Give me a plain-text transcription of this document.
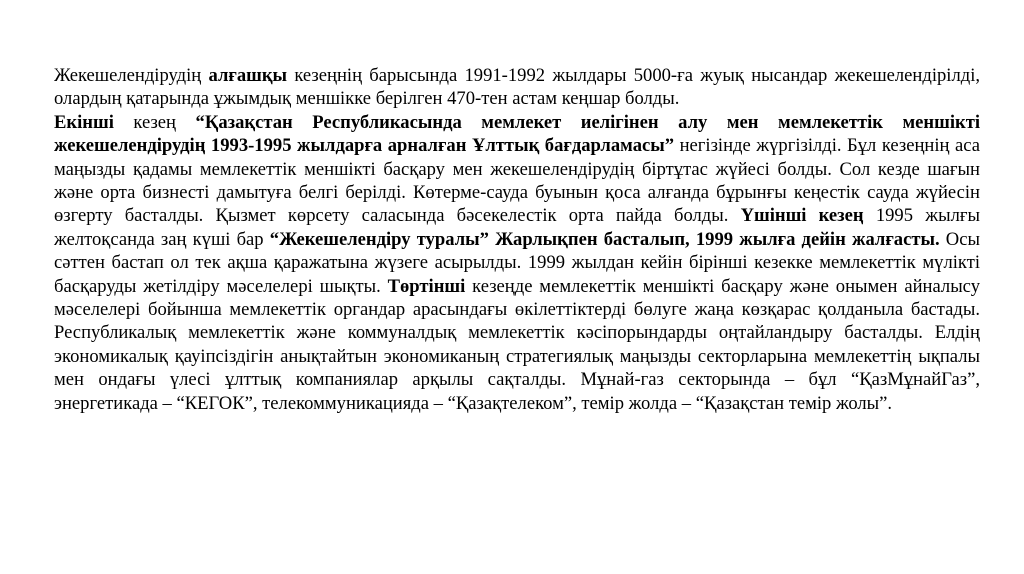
Жекешелендірудің алғашқы кезеңнің барысында 1991-1992 жылдары 5000-ға жуық нысандар жекешелендірілді, олардың қатарында ұжымдық меншікке берілген 470-тен астам кеңшар болды.

Екінші кезең “Қазақстан Республикасында мемлекет иелігінен алу мен мемлекеттік меншікті жекешелендірудің 1993-1995 жылдарға арналған Ұлттық бағдарламасы” негізінде жүргізілді. Бұл кезеңнің аса маңызды қадамы мемлекеттік меншікті басқару мен жекешелендірудің біртұтас жүйесі болды. Сол кезде шағын және орта бизнесті дамытуға белгі берілді. Көтерме-сауда буынын қоса алғанда бұрынғы кеңестік сауда жүйесін өзгерту басталды. Қызмет көрсету саласында бәсекелестік орта пайда болды. Үшінші кезең 1995 жылғы желтоқсанда заң күші бар “Жекешелендіру туралы” Жарлықпен басталып, 1999 жылға дейін жалғасты. Осы сәттен бастап ол тек ақша қаражатына жүзеге асырылды. 1999 жылдан кейін бірінші кезекке мемлекеттік мүлікті басқаруды жетілдіру мәселелері шықты. Төртінші кезеңде мемлекеттік меншікті басқару және онымен айналысу мәселелері бойынша мемлекеттік органдар арасындағы өкілеттіктерді бөлуге жаңа көзқарас қолданыла бастады. Республикалық мемлекеттік және коммуналдық мемлекеттік кәсіпорындарды оңтайландыру басталды. Елдің экономикалық қауіпсіздігін анықтайтын экономиканың стратегиялық маңызды секторларына мемлекеттің ықпалы мен ондағы үлесі ұлттық компаниялар арқылы сақталды. Мұнай-газ секторында – бұл “ҚазМұнайГаз”, энергетикада – “КЕГОК”, телекоммуникацияда – “Қазақтелеком”, темір жолда – “Қазақстан темір жолы”.
